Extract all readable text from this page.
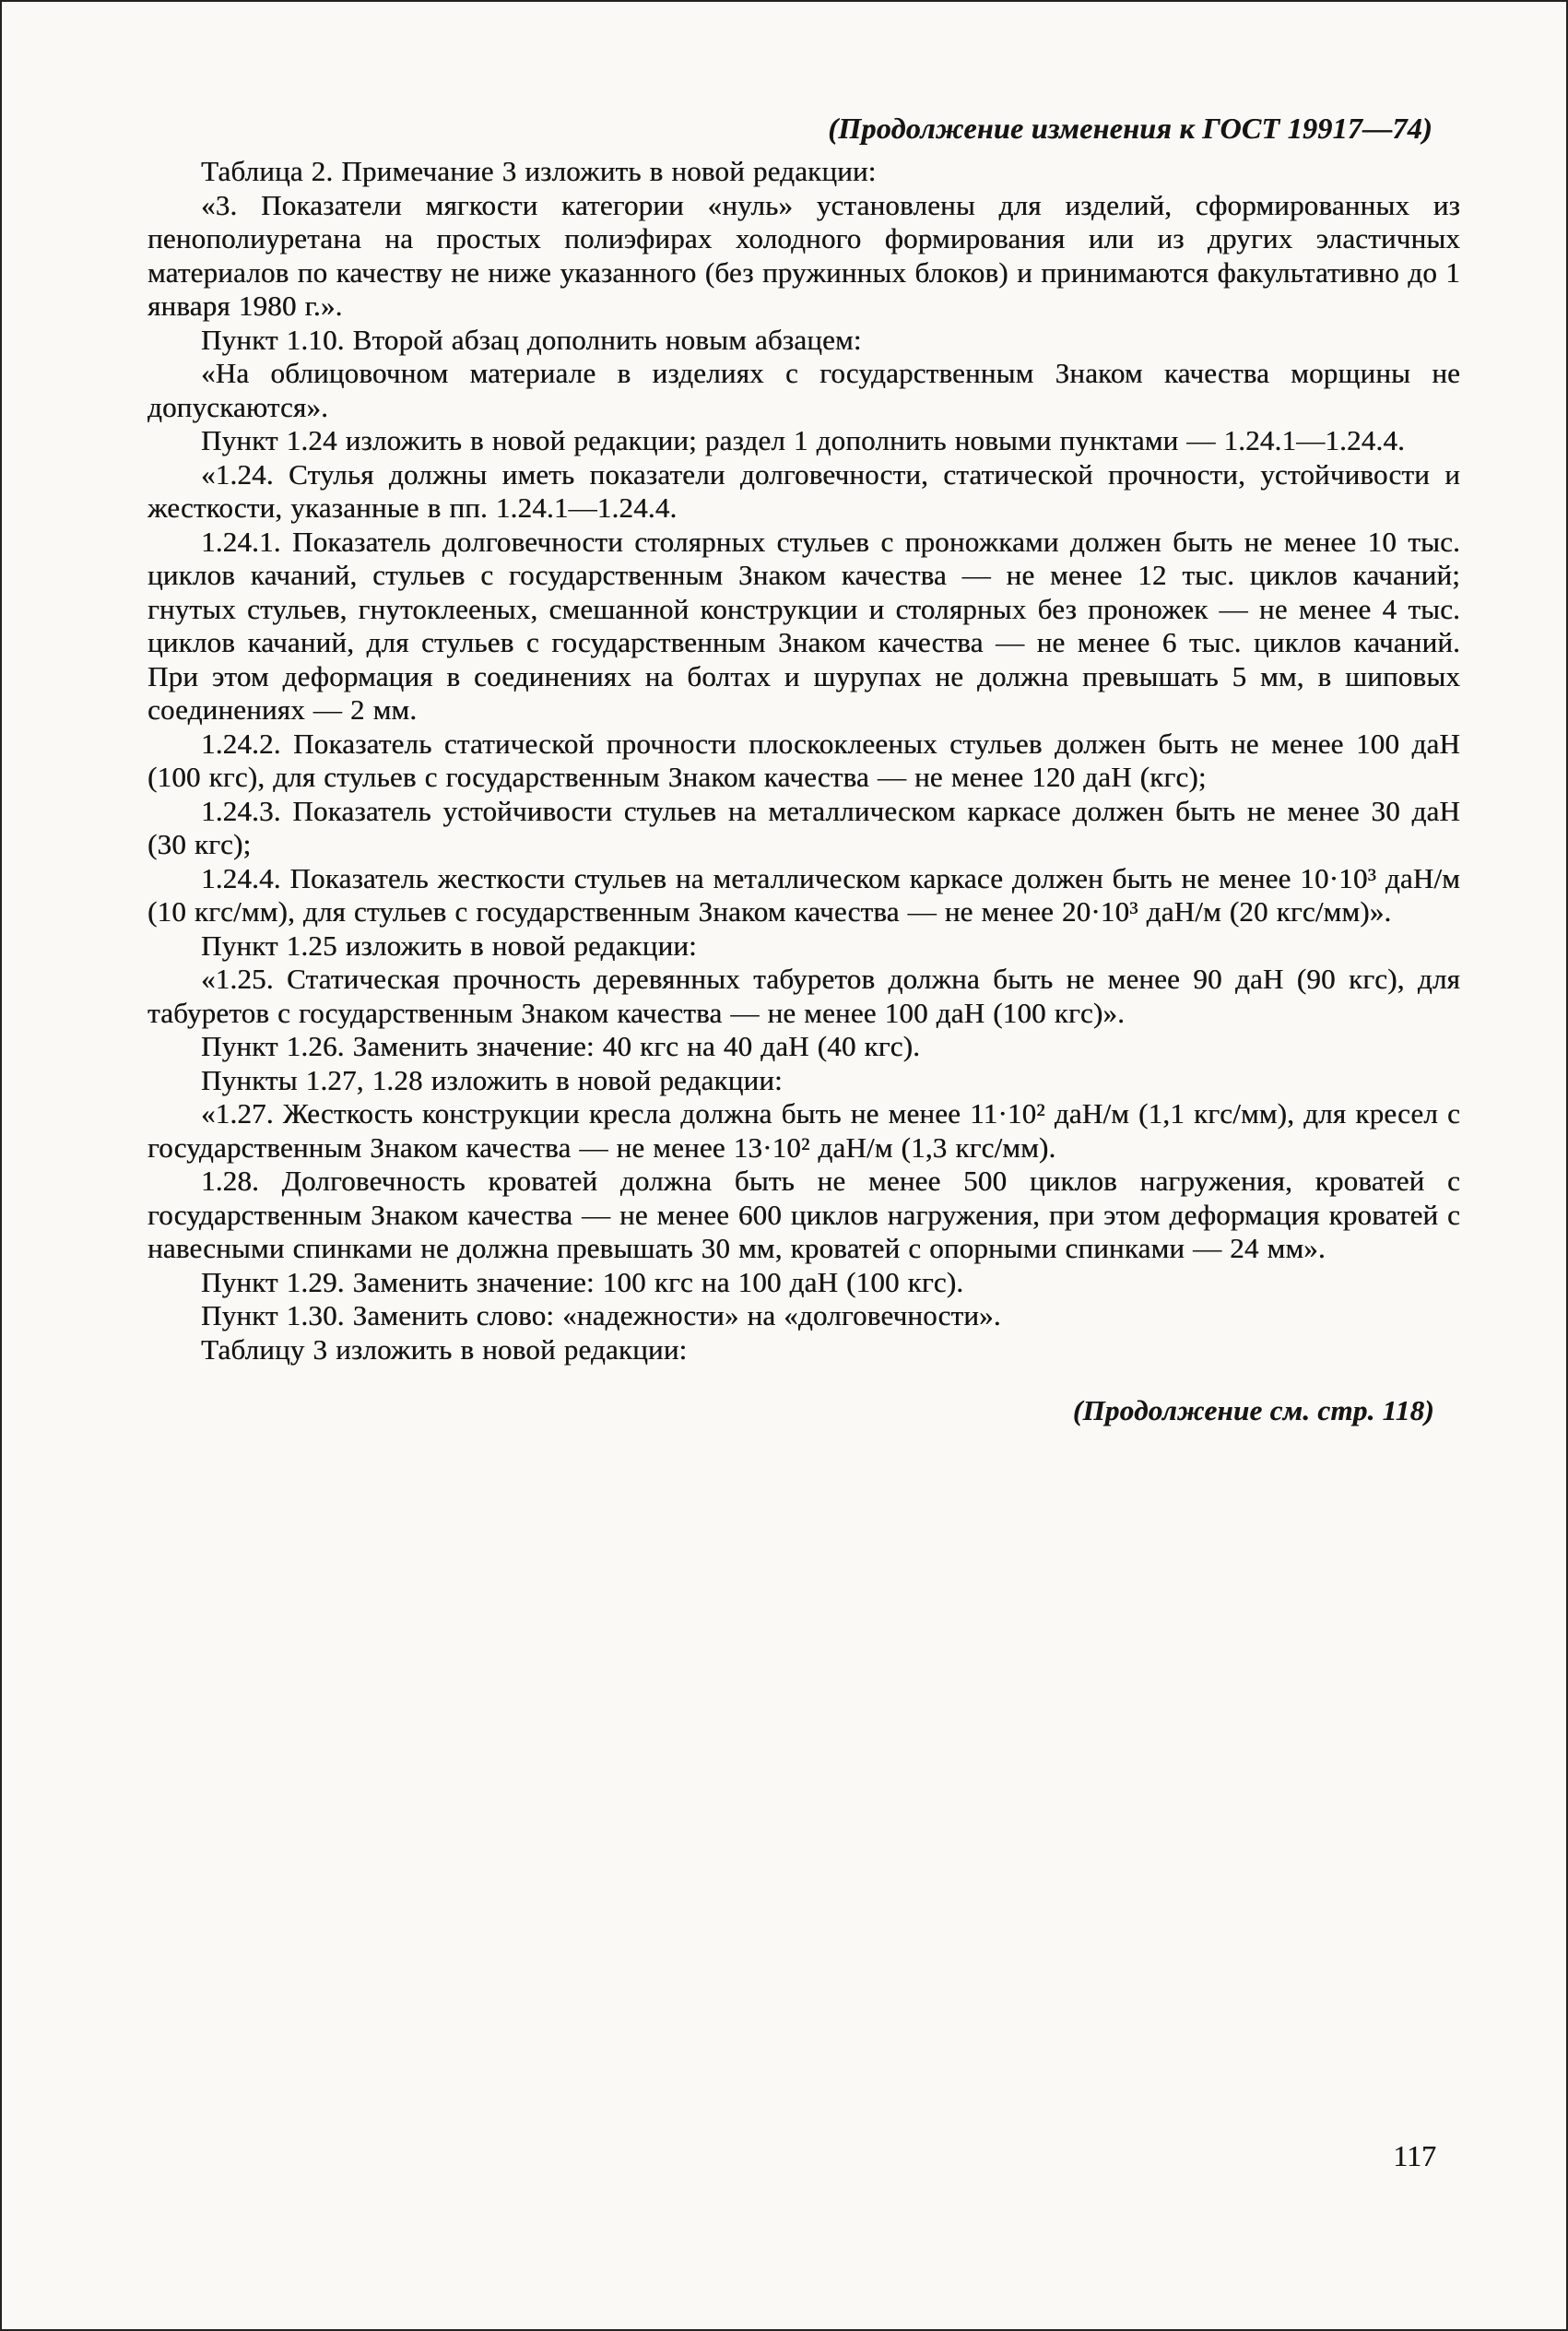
(Продолжение изменения к ГОСТ 19917—74)

Таблица 2. Примечание 3 изложить в новой редакции:

«3. Показатели мягкости категории «нуль» установлены для изделий, сформированных из пенополиуретана на простых полиэфирах холодного формирования или из других эластичных материалов по качеству не ниже указанного (без пружинных блоков) и принимаются факультативно до 1 января 1980 г.».

Пункт 1.10. Второй абзац дополнить новым абзацем:

«На облицовочном материале в изделиях с государственным Знаком качества морщины не допускаются».

Пункт 1.24 изложить в новой редакции; раздел 1 дополнить новыми пунктами — 1.24.1—1.24.4.

«1.24. Стулья должны иметь показатели долговечности, статической прочности, устойчивости и жесткости, указанные в пп. 1.24.1—1.24.4.

1.24.1. Показатель долговечности столярных стульев с проножками должен быть не менее 10 тыс. циклов качаний, стульев с государственным Знаком качества — не менее 12 тыс. циклов качаний; гнутых стульев, гнутоклееных, смешанной конструкции и столярных без проножек — не менее 4 тыс. циклов качаний, для стульев с государственным Знаком качества — не менее 6 тыс. циклов качаний. При этом деформация в соединениях на болтах и шурупах не должна превышать 5 мм, в шиповых соединениях — 2 мм.

1.24.2. Показатель статической прочности плоскоклееных стульев должен быть не менее 100 даН (100 кгс), для стульев с государственным Знаком качества — не менее 120 даН (кгс);

1.24.3. Показатель устойчивости стульев на металлическом каркасе должен быть не менее 30 даН (30 кгс);

1.24.4. Показатель жесткости стульев на металлическом каркасе должен быть не менее 10·10³ даН/м (10 кгс/мм), для стульев с государственным Знаком качества — не менее 20·10³ даН/м (20 кгс/мм)».

Пункт 1.25 изложить в новой редакции:

«1.25. Статическая прочность деревянных табуретов должна быть не менее 90 даН (90 кгс), для табуретов с государственным Знаком качества — не менее 100 даН (100 кгс)».

Пункт 1.26. Заменить значение: 40 кгс на 40 даН (40 кгс).

Пункты 1.27, 1.28 изложить в новой редакции:

«1.27. Жесткость конструкции кресла должна быть не менее 11·10² даН/м (1,1 кгс/мм), для кресел с государственным Знаком качества — не менее 13·10² даН/м (1,3 кгс/мм).

1.28. Долговечность кроватей должна быть не менее 500 циклов нагружения, кроватей с государственным Знаком качества — не менее 600 циклов нагружения, при этом деформация кроватей с навесными спинками не должна превышать 30 мм, кроватей с опорными спинками — 24 мм».

Пункт 1.29. Заменить значение: 100 кгс на 100 даН (100 кгс).

Пункт 1.30. Заменить слово: «надежности» на «долговечности».

Таблицу 3 изложить в новой редакции:

(Продолжение см. стр. 118)
117
